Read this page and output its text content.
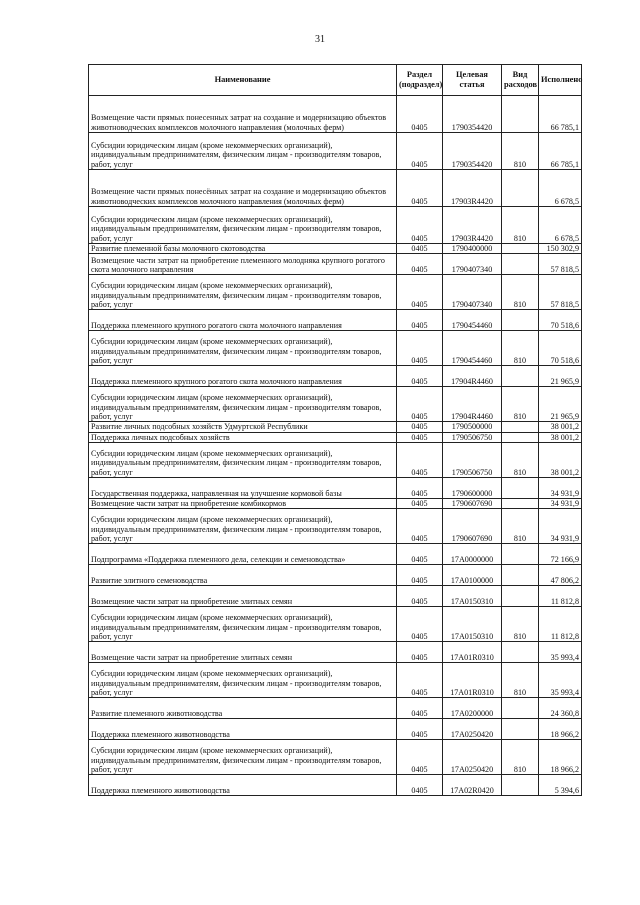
31
Наименование	Раздел (подраздел)	Целевая статья	Вид расходов	Исполнено
Возмещение части прямых понесенных затрат на создание и модернизацию объектов животноводческих комплексов молочного направления (молочных ферм)	0405	1790354420		66 785,1
Субсидии юридическим лицам (кроме некоммерческих организаций), индивидуальным предпринимателям, физическим лицам - производителям товаров, работ, услуг	0405	1790354420	810	66 785,1
Возмещение части прямых понесённых затрат на создание и модернизацию объектов животноводческих комплексов молочного направления (молочных ферм)	0405	17903R4420		6 678,5
Субсидии юридическим лицам (кроме некоммерческих организаций), индивидуальным предпринимателям, физическим лицам - производителям товаров, работ, услуг	0405	17903R4420	810	6 678,5
Развитие племенной базы молочного скотоводства	0405	1790400000		150 302,9
Возмещение части затрат на приобретение племенного молодняка крупного рогатого скота молочного направления	0405	1790407340		57 818,5
Субсидии юридическим лицам (кроме некоммерческих организаций), индивидуальным предпринимателям, физическим лицам - производителям товаров, работ, услуг	0405	1790407340	810	57 818,5
Поддержка племенного крупного рогатого скота молочного направления	0405	1790454460		70 518,6
Субсидии юридическим лицам (кроме некоммерческих организаций), индивидуальным предпринимателям, физическим лицам - производителям товаров, работ, услуг	0405	1790454460	810	70 518,6
Поддержка племенного крупного рогатого скота молочного направления	0405	17904R4460		21 965,9
Субсидии юридическим лицам (кроме некоммерческих организаций), индивидуальным предпринимателям, физическим лицам - производителям товаров, работ, услуг	0405	17904R4460	810	21 965,9
Развитие личных подсобных хозяйств Удмуртской Республики	0405	1790500000		38 001,2
Поддержка личных подсобных хозяйств	0405	1790506750		38 001,2
Субсидии юридическим лицам (кроме некоммерческих организаций), индивидуальным предпринимателям, физическим лицам - производителям товаров, работ, услуг	0405	1790506750	810	38 001,2
Государственная поддержка, направленная на улучшение кормовой базы	0405	1790600000		34 931,9
Возмещение части затрат на приобретение комбикормов	0405	1790607690		34 931,9
Субсидии юридическим лицам (кроме некоммерческих организаций), индивидуальным предпринимателям, физическим лицам - производителям товаров, работ, услуг	0405	1790607690	810	34 931,9
Подпрограмма «Поддержка племенного дела, селекции и семеноводства»	0405	17А0000000		72 166,9
Развитие элитного семеноводства	0405	17А0100000		47 806,2
Возмещение части затрат на приобретение элитных семян	0405	17А0150310		11 812,8
Субсидии юридическим лицам (кроме некоммерческих организаций), индивидуальным предпринимателям, физическим лицам - производителям товаров, работ, услуг	0405	17А0150310	810	11 812,8
Возмещение части затрат на приобретение элитных семян	0405	17А01R0310		35 993,4
Субсидии юридическим лицам (кроме некоммерческих организаций), индивидуальным предпринимателям, физическим лицам - производителям товаров, работ, услуг	0405	17А01R0310	810	35 993,4
Развитие племенного животноводства	0405	17А0200000		24 360,8
Поддержка племенного животноводства	0405	17А0250420		18 966,2
Субсидии юридическим лицам (кроме некоммерческих организаций), индивидуальным предпринимателям, физическим лицам - производителям товаров, работ, услуг	0405	17А0250420	810	18 966,2
Поддержка племенного животноводства	0405	17А02R0420		5 394,6
